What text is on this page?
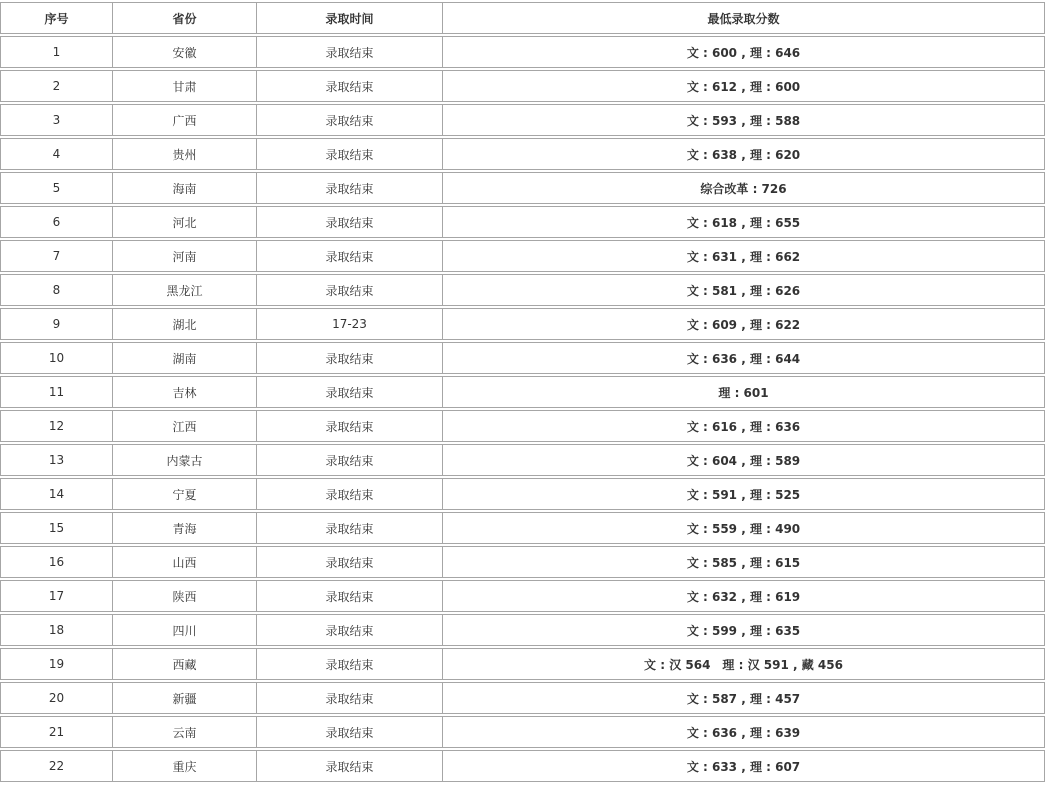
序号	省份	录取时间	最低录取分数
1	安徽	录取结束	文 : 600 , 理 : 646
2	甘肃	录取结束	文 : 612 , 理 : 600
3	广西	录取结束	文 : 593 , 理 : 588
4	贵州	录取结束	文 : 638 , 理 : 620
5	海南	录取结束	综合改革 : 726
6	河北	录取结束	文 : 618 , 理 : 655
7	河南	录取结束	文 : 631 , 理 : 662
8	黑龙江	录取结束	文 : 581 , 理 : 626
9	湖北	17-23	文 : 609 , 理 : 622
10	湖南	录取结束	文 : 636 , 理 : 644
11	吉林	录取结束	理 : 601
12	江西	录取结束	文 : 616 , 理 : 636
13	内蒙古	录取结束	文 : 604 , 理 : 589
14	宁夏	录取结束	文 : 591 , 理 : 525
15	青海	录取结束	文 : 559 , 理 : 490
16	山西	录取结束	文 : 585 , 理 : 615
17	陕西	录取结束	文 : 632 , 理 : 619
18	四川	录取结束	文 : 599 , 理 : 635
19	西藏	录取结束	文 : 汉 564　理 : 汉 591 , 藏 456
20	新疆	录取结束	文 : 587 , 理 : 457
21	云南	录取结束	文 : 636 , 理 : 639
22	重庆	录取结束	文 : 633 , 理 : 607
